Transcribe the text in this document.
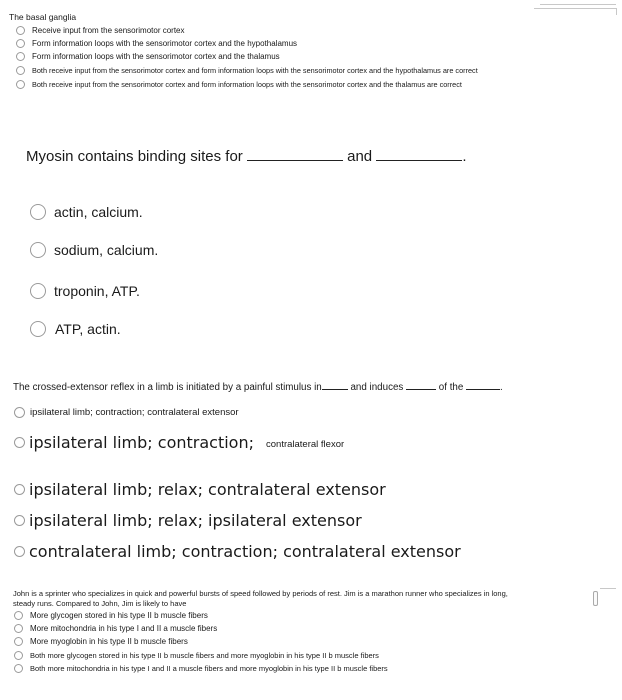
The basal ganglia
Receive input from the sensorimotor cortex
Form information loops with the sensorimotor cortex and the hypothalamus
Form information loops with the sensorimotor cortex and the thalamus
Both receive input from the sensorimotor cortex and form information loops with the sensorimotor cortex and the hypothalamus are correct
Both receive input from the sensorimotor cortex and form information loops with the sensorimotor cortex and the thalamus are correct
Myosin contains binding sites for	and	.
actin, calcium.
sodium, calcium.
troponin, ATP.
ATP, actin.
The crossed-extensor reflex in a limb is initiated by a painful stimulus in	and induces	of the	.
ipsilateral limb; contraction; contralateral extensor
ipsilateral limb; contraction; contralateral flexor
ipsilateral limb; relax; contralateral extensor
ipsilateral limb; relax; ipsilateral extensor
contralateral limb; contraction; contralateral extensor
John is a sprinter who specializes in quick and powerful bursts of speed followed by periods of rest. Jim is a marathon runner who specializes in long,
steady runs. Compared to John, Jim is likely to have
More glycogen stored in his type II b muscle fibers
More mitochondria in his type I and II a muscle fibers
More myoglobin in his type II b muscle fibers
Both more glycogen stored in his type II b muscle fibers and more myoglobin in his type II b muscle fibers
Both more mitochondria in his type I and II a muscle fibers and more myoglobin in his type II b muscle fibers
